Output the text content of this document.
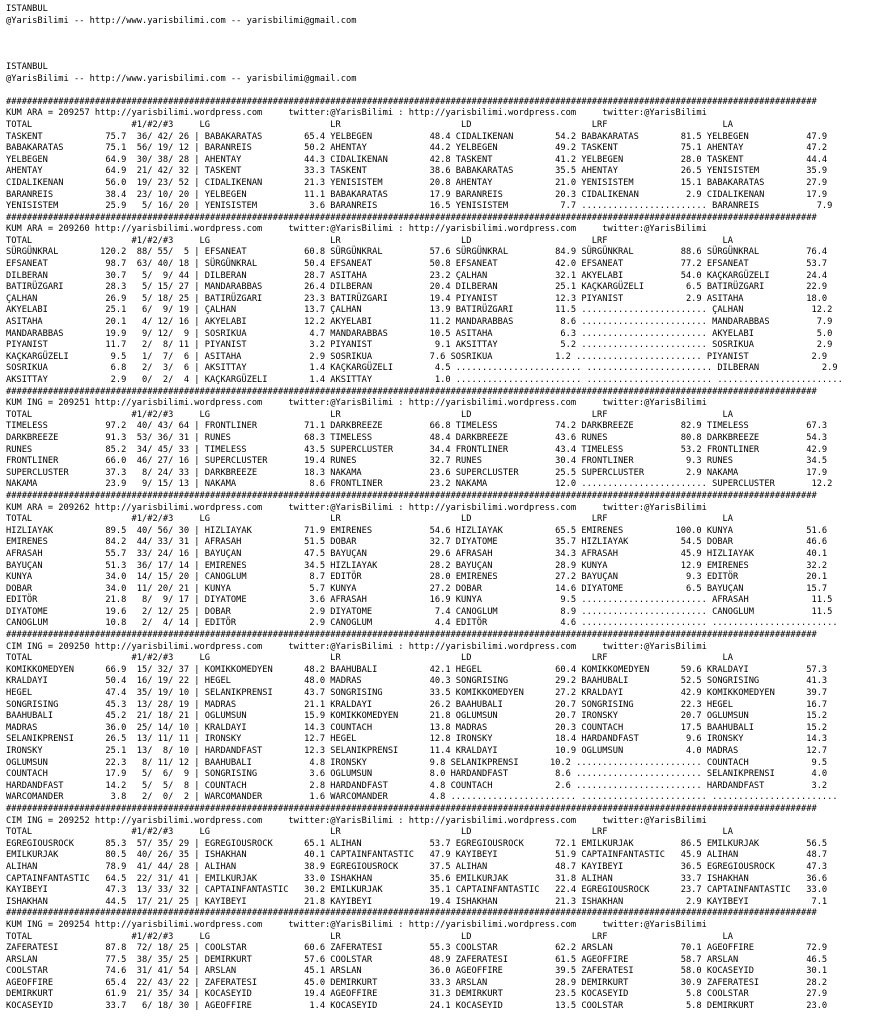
ISTANBUL
@YarisBilimi -- http://www.yarisbilimi.com -- yarisbilimi@gmail.com
ISTANBUL
@YarisBilimi -- http://www.yarisbilimi.com -- yarisbilimi@gmail.com
###########################################################################################################################################################
KUM ARA = 209257 http://yarisbilimi.wordpress.com     twitter:@YarisBilimi : http://yarisbilimi.wordpress.com     twitter:@YarisBilimi
TOTAL                   #1/#2/#3     LG                       LR                       LD                       LRF                      LA
TASKENT            75.7  36/ 42/ 26 | BABAKARATAS        65.4 YELBEGEN           48.4 CIDALIKENAN        54.2 BABAKARATAS        81.5 YELBEGEN           47.9
BABAKARATAS        75.1  56/ 19/ 12 | BARANREIS          50.2 AHENTAY            44.2 YELBEGEN           49.2 TASKENT            75.1 AHENTAY            47.2
YELBEGEN           64.9  30/ 38/ 28 | AHENTAY            44.3 CIDALIKENAN        42.8 TASKENT            41.2 YELBEGEN           28.0 TASKENT            44.4
AHENTAY            64.9  21/ 42/ 32 | TASKENT            33.3 TASKENT            38.6 BABAKARATAS        35.5 AHENTAY            26.5 YENISISTEM         35.9
CIDALIKENAN        56.0  19/ 23/ 52 | CIDALIKENAN        21.3 YENISISTEM         20.8 AHENTAY            21.0 YENISISTEM         15.1 BABAKARATAS        27.9
BARANREIS          38.4  23/ 10/ 20 | YELBEGEN           11.1 BABAKARATAS        17.9 BARANREIS          20.3 CIDALIKENAN         2.9 CIDALIKENAN        17.9
YENISISTEM         25.9   5/ 16/ 20 | YENISISTEM          3.6 BARANREIS          16.5 YENISISTEM          7.7 ........................ BARANREIS           7.9
###########################################################################################################################################################
KUM ARA = 209260 http://yarisbilimi.wordpress.com     twitter:@YarisBilimi : http://yarisbilimi.wordpress.com     twitter:@YarisBilimi
TOTAL                   #1/#2/#3     LG                       LR                       LD                       LRF                      LA
SÜRGÜNKRAL        120.2  88/ 55/  5 | EFSANEAT           60.8 SÜRGÜNKRAL         57.6 SÜRGÜNKRAL         84.9 SÜRGÜNKRAL         88.6 SÜRGÜNKRAL         76.4
EFSANEAT           98.7  63/ 40/ 18 | SÜRGÜNKRAL         50.4 EFSANEAT           50.8 EFSANEAT           42.0 EFSANEAT           77.2 EFSANEAT           53.7
DILBERAN           30.7   5/  9/ 44 | DILBERAN           28.7 ASITAHA            23.2 ÇALHAN             32.1 AKYELABI           54.0 KAÇKARGÜZELI       24.4
BATIRÜZGARI        28.3   5/ 15/ 27 | MANDARABBAS        26.4 DILBERAN           20.4 DILBERAN           25.1 KAÇKARGÜZELI        6.5 BATIRÜZGARI        22.9
ÇALHAN             26.9   5/ 18/ 25 | BATIRÜZGARI        23.3 BATIRÜZGARI        19.4 PIYANIST           12.3 PIYANIST            2.9 ASITAHA            18.0
AKYELABI           25.1   6/  9/ 19 | ÇALHAN             13.7 ÇALHAN             13.9 BATIRÜZGARI        11.5 ........................ ÇALHAN             12.2
ASITAHA            20.1   4/ 12/ 16 | AKYELABI           12.2 AKYELABI           11.2 MANDARABBAS         8.6 ........................ MANDARABBAS         7.9
MANDARABBAS        19.9   9/ 12/  9 | SOSRIKUA            4.7 MANDARABBAS        10.5 ASITAHA             6.3 ........................ AKYELABI            5.0
PIYANIST           11.7   2/  8/ 11 | PIYANIST            3.2 PIYANIST            9.1 AKSITTAY            5.2 ........................ SOSRIKUA            2.9
KAÇKARGÜZELI        9.5   1/  7/  6 | ASITAHA             2.9 SOSRIKUA           7.6 SOSRIKUA            1.2 ........................ PIYANIST            2.9
SOSRIKUA            6.8   2/  3/  6 | AKSITTAY            1.4 KAÇKARGÜZELI        4.5 ........................ ........................ DILBERAN            2.9
AKSITTAY            2.9   0/  2/  4 | KAÇKARGÜZELI        1.4 AKSITTAY            1.0 ........................ ........................ ........................
###########################################################################################################################################################
KUM ING = 209251 http://yarisbilimi.wordpress.com     twitter:@YarisBilimi : http://yarisbilimi.wordpress.com     twitter:@YarisBilimi
TOTAL                   #1/#2/#3     LG                       LR                       LD                       LRF                      LA
TIMELESS           97.2  40/ 43/ 64 | FRONTLINER         71.1 DARKBREEZE         66.8 TIMELESS           74.2 DARKBREEZE         82.9 TIMELESS           67.3
DARKBREEZE         91.3  53/ 36/ 31 | RUNES              68.3 TIMELESS           48.4 DARKBREEZE         43.6 RUNES              80.8 DARKBREEZE         54.3
RUNES              85.2  34/ 45/ 33 | TIMELESS           43.5 SUPERCLUSTER       34.4 FRONTLINER         43.4 TIMELESS           53.2 FRONTLINER         42.9
FRONTLINER         66.0  46/ 27/ 16 | SUPERCLUSTER       19.4 RUNES              32.7 RUNES              30.4 FRONTLINER          9.3 RUNES              34.5
SUPERCLUSTER       37.3   8/ 24/ 33 | DARKBREEZE         18.3 NAKAMA             23.6 SUPERCLUSTER       25.5 SUPERCLUSTER        2.9 NAKAMA             17.9
NAKAMA             23.9   9/ 15/ 13 | NAKAMA              8.6 FRONTLINER         23.2 NAKAMA             12.0 ........................ SUPERCLUSTER       12.2
###########################################################################################################################################################
KUM ARA = 209262 http://yarisbilimi.wordpress.com     twitter:@YarisBilimi : http://yarisbilimi.wordpress.com     twitter:@YarisBilimi
TOTAL                   #1/#2/#3     LG                       LR                       LD                       LRF                      LA
HIZLIAYAK          89.5  40/ 56/ 30 | HIZLIAYAK          71.9 EMIRENES           54.6 HIZLIAYAK          65.5 EMIRENES          100.0 KUNYA              51.6
EMIRENES           84.2  44/ 33/ 31 | AFRASAH            51.5 DOBAR              32.7 DIYATOME           35.7 HIZLIAYAK          54.5 DOBAR              46.6
AFRASAH            55.7  33/ 24/ 16 | BAYUÇAN            47.5 BAYUÇAN            29.6 AFRASAH            34.3 AFRASAH            45.9 HIZLIAYAK          40.1
BAYUÇAN            51.3  36/ 17/ 14 | EMIRENES           34.5 HIZLIAYAK          28.2 BAYUÇAN            28.9 KUNYA              12.9 EMIRENES           32.2
KUNYA              34.0  14/ 15/ 20 | CANOGLUM            8.7 EDITÖR             28.0 EMIRENES           27.2 BAYUÇAN             9.3 EDITÖR             20.1
DOBAR              34.0  11/ 20/ 21 | KUNYA               5.7 KUNYA              27.2 DOBAR              14.6 DIYATOME            6.5 BAYUÇAN            15.7
EDITÖR             21.8   8/  9/ 17 | DIYATOME            3.6 AFRASAH            16.9 KUNYA               9.5 ........................ AFRASAH            11.5
DIYATOME           19.6   2/ 12/ 25 | DOBAR               2.9 DIYATOME            7.4 CANOGLUM            8.9 ........................ CANOGLUM           11.5
CANOGLUM           10.8   2/  4/ 14 | EDITÖR              2.9 CANOGLUM            4.4 EDITÖR              4.6 ........................ ........................
###########################################################################################################################################################
CIM ING = 209250 http://yarisbilimi.wordpress.com     twitter:@YarisBilimi : http://yarisbilimi.wordpress.com     twitter:@YarisBilimi
TOTAL                   #1/#2/#3     LG                       LR                       LD                       LRF                      LA
KOMIKKOMEDYEN      66.9  15/ 32/ 37 | KOMIKKOMEDYEN      48.2 BAAHUBALI          42.1 HEGEL              60.4 KOMIKKOMEDYEN      59.6 KRALDAYI           57.3
KRALDAYI           50.4  16/ 19/ 22 | HEGEL              48.0 MADRAS             40.3 SONGRISING         29.2 BAAHUBALI          52.5 SONGRISING         41.3
HEGEL              47.4  35/ 19/ 10 | SELANIKPRENSI      43.7 SONGRISING         33.5 KOMIKKOMEDYEN      27.2 KRALDAYI           42.9 KOMIKKOMEDYEN      39.7
SONGRISING         45.3  13/ 28/ 19 | MADRAS             21.1 KRALDAYI           26.2 BAAHUBALI          20.7 SONGRISING         22.3 HEGEL              16.7
BAAHUBALI          45.2  21/ 18/ 21 | OGLUMSUN           15.9 KOMIKKOMEDYEN      21.8 OGLUMSUN           20.7 IRONSKY            20.7 OGLUMSUN           15.2
MADRAS             36.0  25/ 14/ 10 | KRALDAYI           14.3 COUNTACH           13.8 MADRAS             20.3 COUNTACH           17.5 BAAHUBALI          15.2
SELANIKPRENSI      26.5  13/ 11/ 11 | IRONSKY            12.7 HEGEL              12.8 IRONSKY            18.4 HARDANDFAST         9.6 IRONSKY            14.3
IRONSKY            25.1  13/  8/ 10 | HARDANDFAST        12.3 SELANIKPRENSI      11.4 KRALDAYI           10.9 OGLUMSUN            4.0 MADRAS             12.7
OGLUMSUN           22.3   8/ 11/ 12 | BAAHUBALI           4.8 IRONSKY            9.8 SELANIKPRENSI      10.2 ........................ COUNTACH            9.5
COUNTACH           17.9   5/  6/  9 | SONGRISING          3.6 OGLUMSUN           8.0 HARDANDFAST         8.6 ........................ SELANIKPRENSI       4.0
HARDANDFAST        14.2   5/  5/  8 | COUNTACH            2.8 HARDANDFAST        4.8 COUNTACH            2.6 ........................ HARDANDFAST         3.2
WARCOMANDER         3.8   2/  0/  2 | WARCOMANDER         1.6 WARCOMANDER        4.8 ........................ ........................ ........................
###########################################################################################################################################################
CIM ING = 209252 http://yarisbilimi.wordpress.com     twitter:@YarisBilimi : http://yarisbilimi.wordpress.com     twitter:@YarisBilimi
TOTAL                   #1/#2/#3     LG                       LR                       LD                       LRF                      LA
EGREGIOUSROCK      85.3  57/ 35/ 29 | EGREGIOUSROCK      65.1 ALIHAN             53.7 EGREGIOUSROCK      72.1 EMILKURJAK         86.5 EMILKURJAK         56.5
EMILKURJAK         80.5  40/ 26/ 35 | ISHAKHAN           40.1 CAPTAINFANTASTIC   47.9 KAYIBEYI           51.9 CAPTAINFANTASTIC   45.9 ALIHAN             48.7
ALIHAN             78.9  41/ 44/ 28 | ALIHAN             38.9 EGREGIOUSROCK      37.5 ALIHAN             48.7 KAYIBEYI           36.5 EGREGIOUSROCK      47.3
CAPTAINFANTASTIC   64.5  22/ 31/ 41 | EMILKURJAK         33.0 ISHAKHAN           35.6 EMILKURJAK         31.8 ALIHAN             33.7 ISHAKHAN           36.6
KAYIBEYI           47.3  13/ 33/ 32 | CAPTAINFANTASTIC   30.2 EMILKURJAK         35.1 CAPTAINFANTASTIC   22.4 EGREGIOUSROCK      23.7 CAPTAINFANTASTIC   33.0
ISHAKHAN           44.5  17/ 21/ 25 | KAYIBEYI           21.8 KAYIBEYI           19.4 ISHAKHAN           21.3 ISHAKHAN            2.9 KAYIBEYI            7.1
###########################################################################################################################################################
KUM ING = 209254 http://yarisbilimi.wordpress.com     twitter:@YarisBilimi : http://yarisbilimi.wordpress.com     twitter:@YarisBilimi
TOTAL                   #1/#2/#3     LG                       LR                       LD                       LRF                      LA
ZAFERATESI         87.8  72/ 18/ 25 | COOLSTAR           60.6 ZAFERATESI         55.3 COOLSTAR           62.2 ARSLAN             70.1 AGEOFFIRE          72.9
ARSLAN             77.5  38/ 35/ 25 | DEMIRKURT          57.6 COOLSTAR           48.9 ZAFERATESI         61.5 AGEOFFIRE          58.7 ARSLAN             46.5
COOLSTAR           74.6  31/ 41/ 54 | ARSLAN             45.1 ARSLAN             36.0 AGEOFFIRE          39.5 ZAFERATESI         58.0 KOCASEYID          30.1
AGEOFFIRE          65.4  22/ 43/ 22 | ZAFERATESI         45.0 DEMIRKURT          33.3 ARSLAN             28.9 DEMIRKURT          30.9 ZAFERATESI         28.2
DEMIRKURT          61.9  21/ 35/ 34 | KOCASEYID          19.4 AGEOFFIRE          31.3 DEMIRKURT          23.5 KOCASEYID           5.8 COOLSTAR           27.9
KOCASEYID          33.7   6/ 18/ 30 | AGEOFFIRE           1.4 KOCASEYID          24.1 KOCASEYID          13.5 COOLSTAR            5.8 DEMIRKURT          23.0
